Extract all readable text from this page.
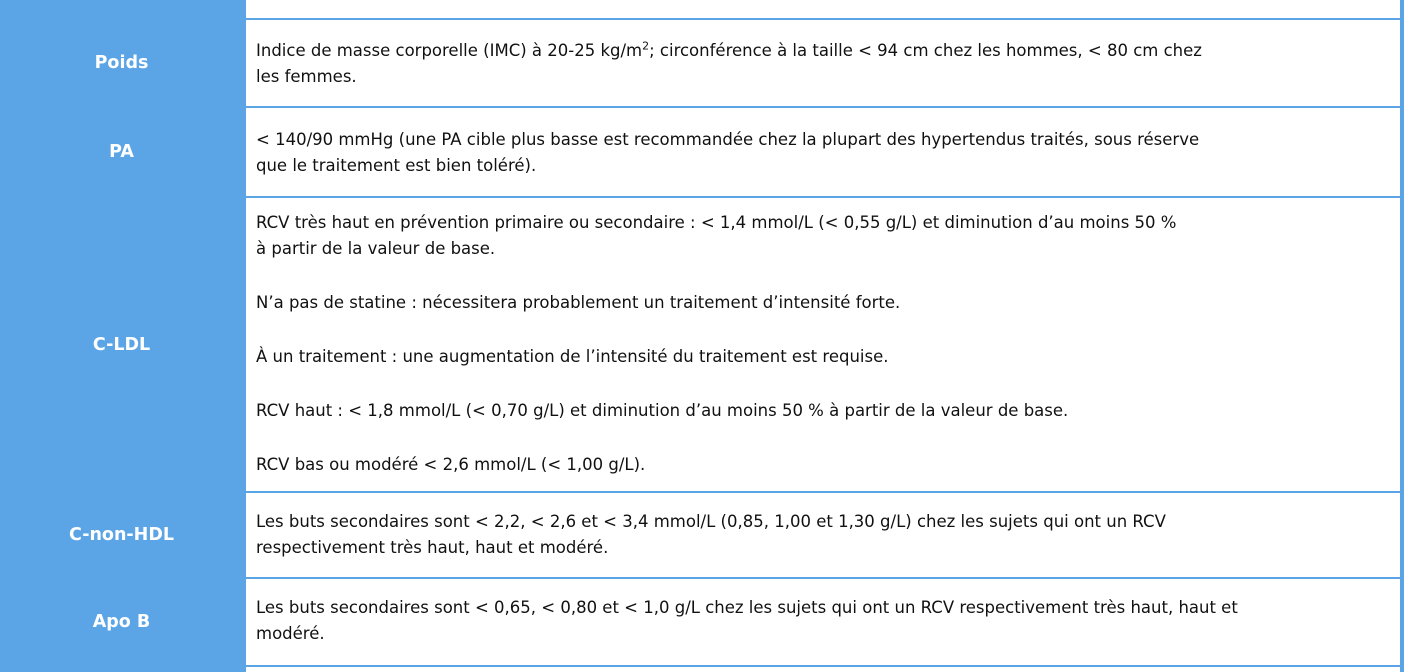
Poids

Indice de masse corporelle (IMC) à 20-25 $kg/m^2$; circonférence à la taille < 94 cm chez les hommes, < 80 cm chez

les femmes.

PA

< 140/90 mmHg (une PA cible plus basse est recommandée chez la plupart des hypertendus traités, sous réserve

que le traitement est bien toléré).

C-LDL

RCV très haut en prévention primaire ou secondaire : < 1,4 mmol/L (< 0,55 g/L) et diminution d’au moins 50 %

à partir de la valeur de base.

N’a pas de statine : nécessitera probablement un traitement d’intensité forte.

À un traitement : une augmentation de l’intensité du traitement est requise.

RCV haut : < 1,8 mmol/L (< 0,70 g/L) et diminution d’au moins 50 % à partir de la valeur de base.

RCV bas ou modéré < 2,6 mmol/L (< 1,00 g/L).

C-non-HDL

Les buts secondaires sont < 2,2, < 2,6 et < 3,4 mmol/L (0,85, 1,00 et 1,30 g/L) chez les sujets qui ont un RCV

respectivement très haut, haut et modéré.

Apo B

Les buts secondaires sont < 0,65, < 0,80 et < 1,0 g/L chez les sujets qui ont un RCV respectivement très haut, haut et

modéré.
